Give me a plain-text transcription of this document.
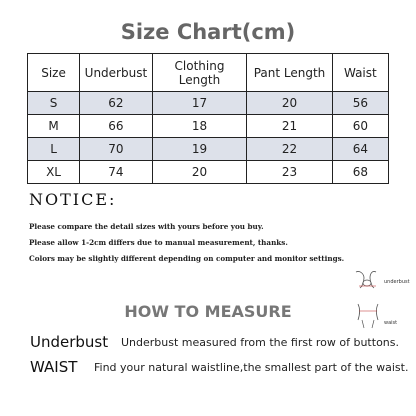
Size Chart(cm)
Size	Underbust	Clothing Length	Pant Length	Waist
S	62	17	20	56
M	66	18	21	60
L	70	19	22	64
XL	74	20	23	68
NOTICE:
Please compare the detail sizes with yours before you buy.
Please allow 1-2cm differs due to manual measurement, thanks.
Colors may be slightly different depending on computer and monitor settings.
underbust
waist
HOW TO MEASURE
Underbust Underbust measured from the first row of buttons.
WAIST Find your natural waistline,the smallest part of the waist.
